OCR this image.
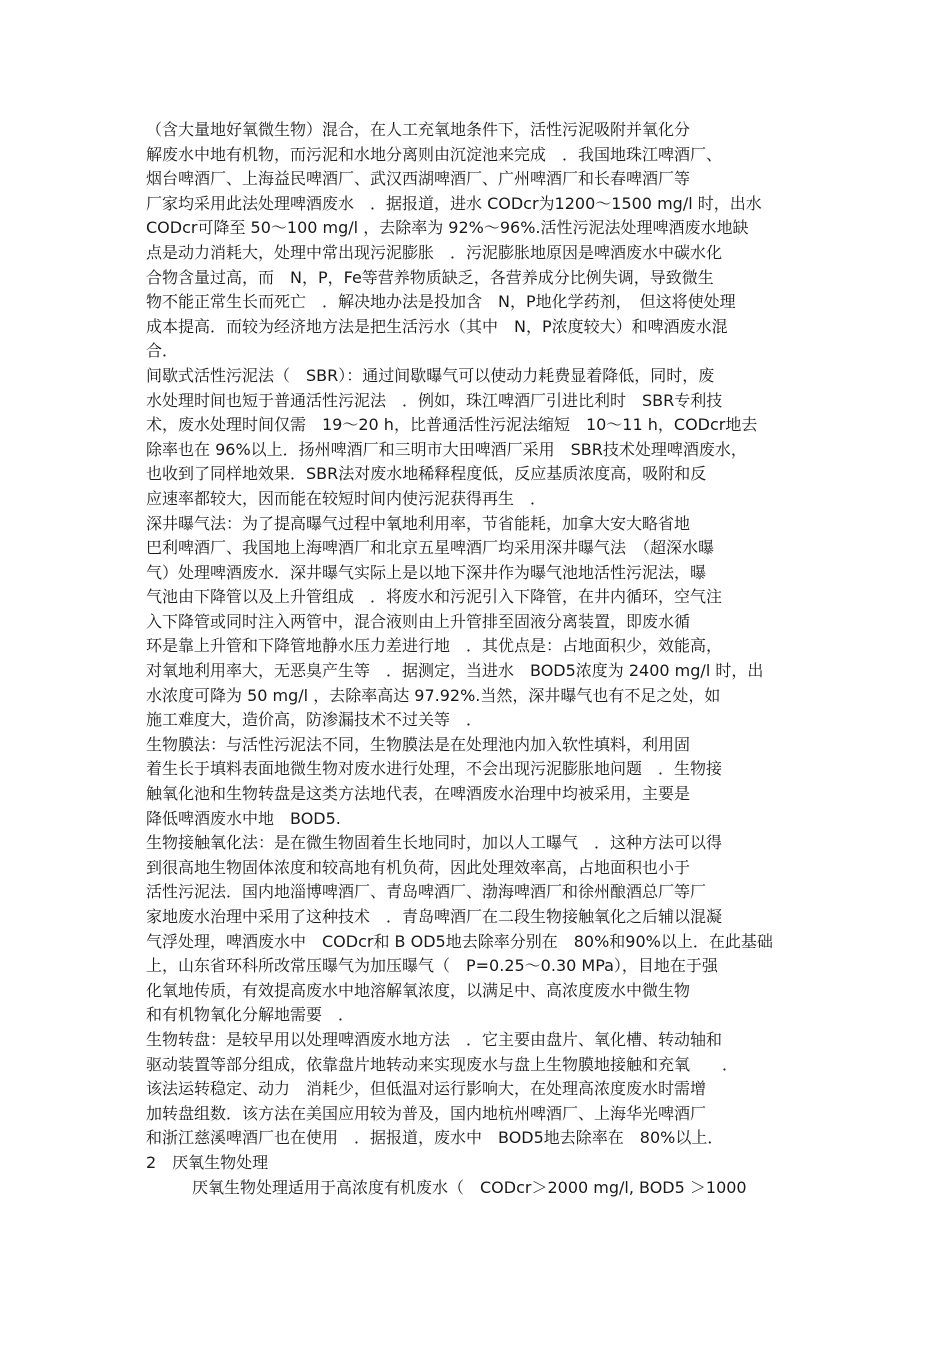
（含大量地好氧微生物）混合，在人工充氧地条件下，活性污泥吸附并氧化分
解废水中地有机物，而污泥和水地分离则由沉淀池来完成　．我国地珠江啤酒厂、
烟台啤酒厂、上海益民啤酒厂、武汉西湖啤酒厂、广州啤酒厂和长春啤酒厂等
厂家均采用此法处理啤酒废水　．据报道，进水 CODcr为1200～1500 mg/l 时，出水
CODcr可降至 50～100 mg/l ，去除率为 92%～96%.活性污泥法处理啤酒废水地缺
点是动力消耗大，处理中常出现污泥膨胀　．污泥膨胀地原因是啤酒废水中碳水化
合物含量过高，而　N，P，Fe等营养物质缺乏，各营养成分比例失调，导致微生
物不能正常生长而死亡　．解决地办法是投加含　N，P地化学药剂，　但这将使处理
成本提高．而较为经济地方法是把生活污水（其中　N，P浓度较大）和啤酒废水混
合．
间歇式活性污泥法（　SBR）：通过间歇曝气可以使动力耗费显着降低，同时，废
水处理时间也短于普通活性污泥法　．例如，珠江啤酒厂引进比利时　SBR专利技
术，废水处理时间仅需　19～20 h，比普通活性污泥法缩短　10～11 h，CODcr地去
除率也在 96%以上．扬州啤酒厂和三明市大田啤酒厂采用　SBR技术处理啤酒废水，
也收到了同样地效果．SBR法对废水地稀释程度低，反应基质浓度高，吸附和反
应速率都较大，因而能在较短时间内使污泥获得再生　．
深井曝气法：为了提高曝气过程中氧地利用率，节省能耗，加拿大安大略省地
巴利啤酒厂、我国地上海啤酒厂和北京五星啤酒厂均采用深井曝气法　（超深水曝
气）处理啤酒废水．深井曝气实际上是以地下深井作为曝气池地活性污泥法，曝
气池由下降管以及上升管组成　．将废水和污泥引入下降管，在井内循环，空气注
入下降管或同时注入两管中，混合液则由上升管排至固液分离装置，即废水循
环是靠上升管和下降管地静水压力差进行地　．其优点是：占地面积少，效能高，
对氧地利用率大，无恶臭产生等　．据测定，当进水　BOD5浓度为 2400 mg/l 时，出
水浓度可降为 50 mg/l ，去除率高达 97.92%.当然，深井曝气也有不足之处，如
施工难度大，造价高，防渗漏技术不过关等　．
生物膜法：与活性污泥法不同，生物膜法是在处理池内加入软性填料，利用固
着生长于填料表面地微生物对废水进行处理，不会出现污泥膨胀地问题　．生物接
触氧化池和生物转盘是这类方法地代表，在啤酒废水治理中均被采用，主要是
降低啤酒废水中地　BOD5.
生物接触氧化法：是在微生物固着生长地同时，加以人工曝气　．这种方法可以得
到很高地生物固体浓度和较高地有机负荷，因此处理效率高，占地面积也小于
活性污泥法．国内地淄博啤酒厂、青岛啤酒厂、渤海啤酒厂和徐州酿酒总厂等厂
家地废水治理中采用了这种技术　．青岛啤酒厂在二段生物接触氧化之后辅以混凝
气浮处理，啤酒废水中　CODcr和 B OD5地去除率分别在　80%和90%以上．在此基础
上，山东省环科所改常压曝气为加压曝气（　P=0.25～0.30 MPa），目地在于强
化氧地传质，有效提高废水中地溶解氧浓度，以满足中、高浓度废水中微生物
和有机物氧化分解地需要　．
生物转盘：是较早用以处理啤酒废水地方法　．它主要由盘片、氧化槽、转动轴和
驱动装置等部分组成，依靠盘片地转动来实现废水与盘上生物膜地接触和充氧　　．
该法运转稳定、动力　消耗少，但低温对运行影响大，在处理高浓度废水时需增
加转盘组数．该方法在美国应用较为普及，国内地杭州啤酒厂、上海华光啤酒厂
和浙江慈溪啤酒厂也在使用　．据报道，废水中　BOD5地去除率在　80%以上．
2　厌氧生物处理
厌氧生物处理适用于高浓度有机废水（　CODcr＞2000 mg/l, BOD5 ＞1000
